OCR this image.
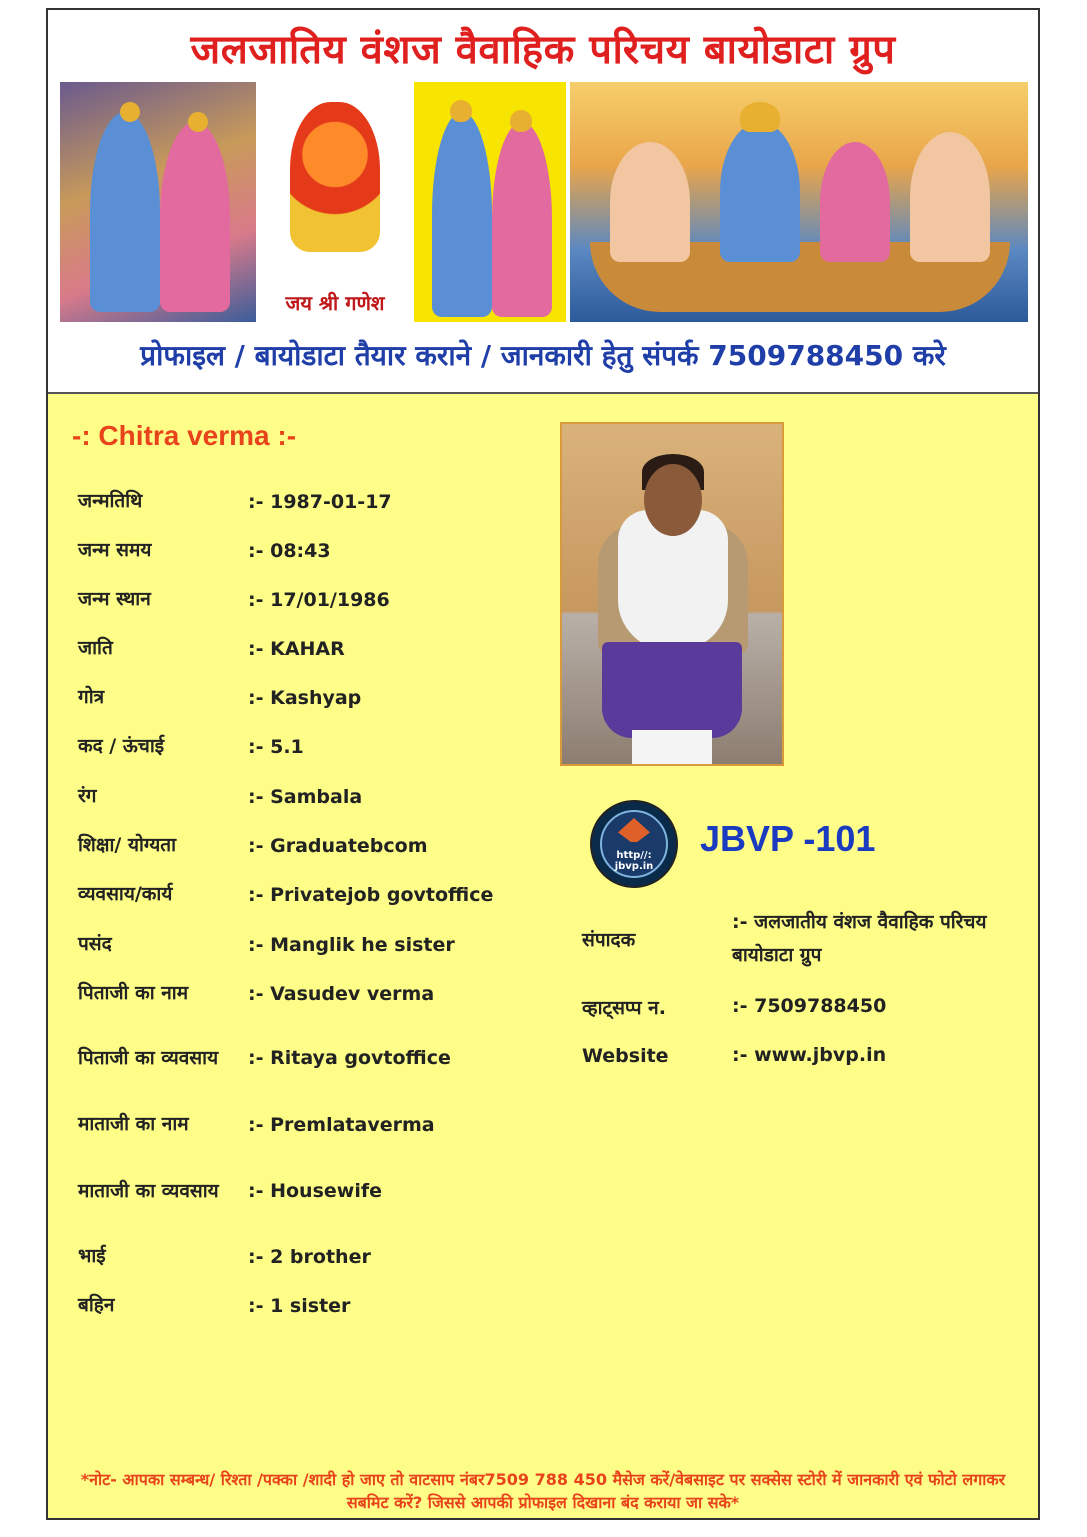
जलजातिय वंशज वैवाहिक परिचय बायोडाटा ग्रुप
जय श्री गणेश
प्रोफाइल / बायोडाटा तैयार कराने / जानकारी हेतु संपर्क 7509788450 करे
-: Chitra verma :-
जन्मतिथि	:- 1987-01-17
जन्म समय	:- 08:43
जन्म स्थान	:- 17/01/1986
जाति	:- KAHAR
गोत्र	:- Kashyap
कद / ऊंचाई	:- 5.1
रंग	:- Sambala
शिक्षा/ योग्यता	:- Graduatebcom
व्यवसाय/कार्य	:- Privatejob govtoffice
पसंद	:- Manglik he sister
पिताजी का नाम	:- Vasudev verma
पिताजी का व्यवसाय	:- Ritaya govtoffice
माताजी का नाम	:- Premlataverma
माताजी का व्यवसाय	:- Housewife
भाई	:- 2 brother
बहिन	:- 1 sister
http//: jbvp.in
JBVP -101
संपादक
:- जलजातीय वंशज वैवाहिक परिचय बायोडाटा ग्रुप
व्हाट्सप्प न.	:- 7509788450
Website	:- www.jbvp.in
*नोट- आपका सम्बन्ध/ रिश्ता /पक्का /शादी हो जाए तो वाटसाप नंबर7509 788 450 मैसेज करें/वेबसाइट पर सक्सेस स्टोरी में जानकारी एवं फोटो लगाकर सबमिट करें? जिससे आपकी प्रोफाइल दिखाना बंद कराया जा सके*
